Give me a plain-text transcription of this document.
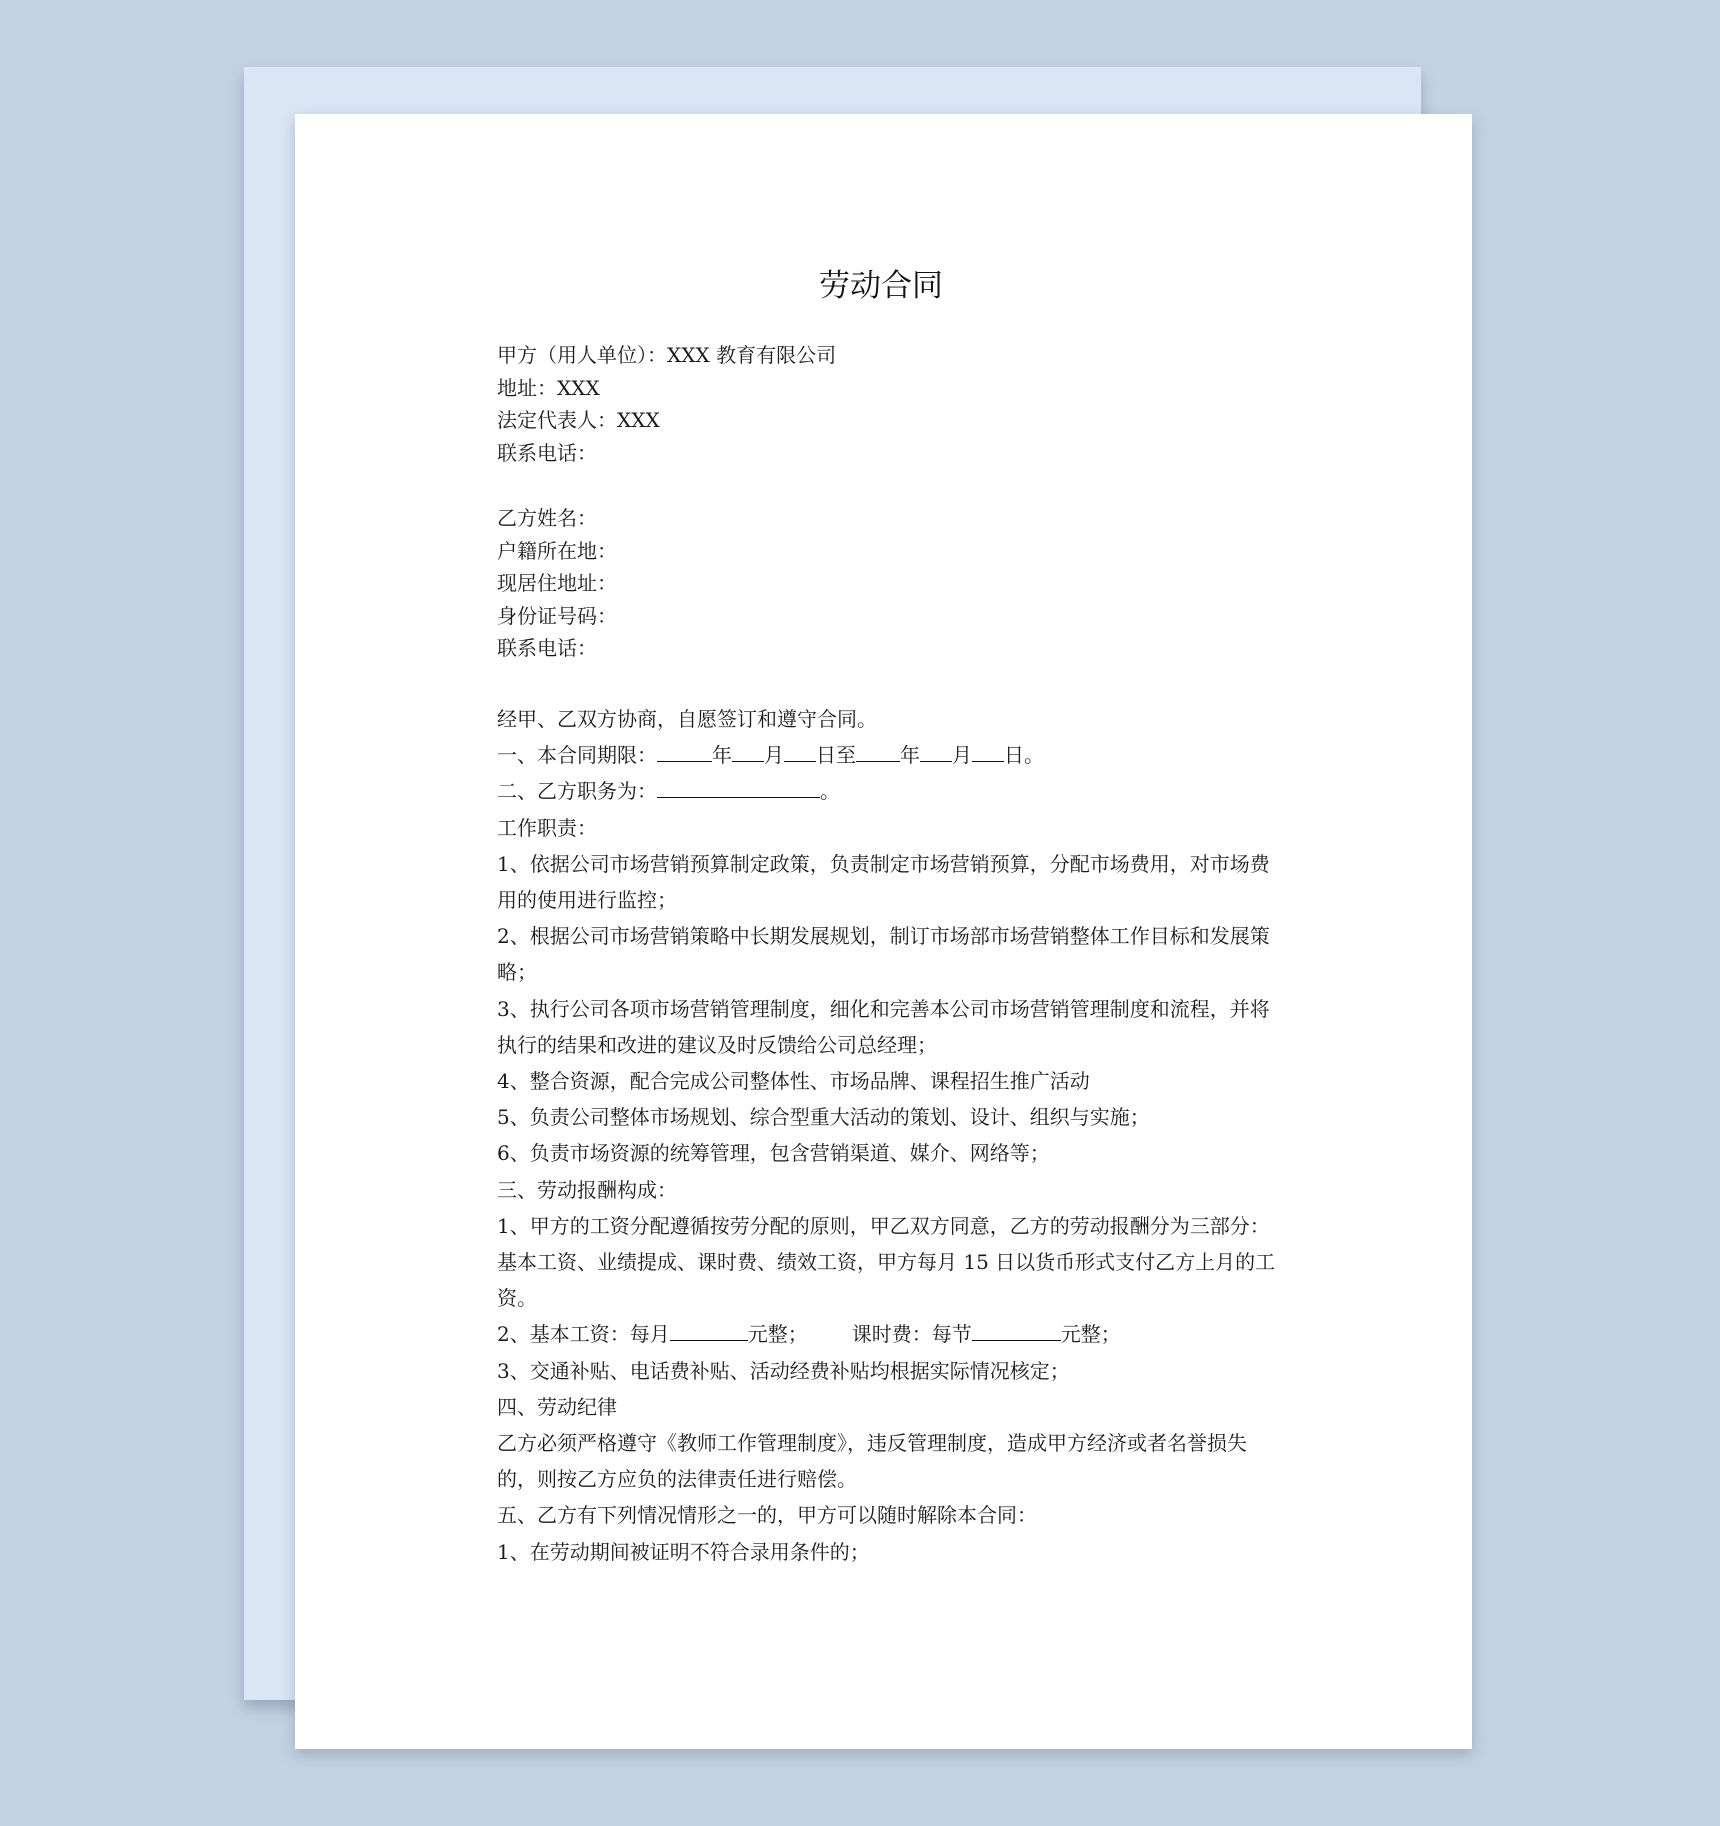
劳动合同
甲方（用人单位）：XXX 教育有限公司
地址：XXX
法定代表人：XXX
联系电话：
乙方姓名：
户籍所在地：
现居住地址：
身份证号码：
联系电话：
经甲、乙双方协商，自愿签订和遵守合同。
一、本合同期限：	年 月 日至 年 月 日。
二、乙方职务为：	。
工作职责：
1、依据公司市场营销预算制定政策，负责制定市场营销预算，分配市场费用，对市场费用的使用进行监控；
2、根据公司市场营销策略中长期发展规划，制订市场部市场营销整体工作目标和发展策略；
3、执行公司各项市场营销管理制度，细化和完善本公司市场营销管理制度和流程，并将执行的结果和改进的建议及时反馈给公司总经理；
4、整合资源，配合完成公司整体性、市场品牌、课程招生推广活动
5、负责公司整体市场规划、综合型重大活动的策划、设计、组织与实施；
6、负责市场资源的统筹管理，包含营销渠道、媒介、网络等；
三、劳动报酬构成：
1、甲方的工资分配遵循按劳分配的原则，甲乙双方同意，乙方的劳动报酬分为三部分：基本工资、业绩提成、课时费、绩效工资，甲方每月 15 日以货币形式支付乙方上月的工资。
2、基本工资：每月	元整； 课时费：每节	元整；
3、交通补贴、电话费补贴、活动经费补贴均根据实际情况核定；
四、劳动纪律
乙方必须严格遵守《教师工作管理制度》，违反管理制度，造成甲方经济或者名誉损失的，则按乙方应负的法律责任进行赔偿。
五、乙方有下列情况情形之一的，甲方可以随时解除本合同：
1、在劳动期间被证明不符合录用条件的；
